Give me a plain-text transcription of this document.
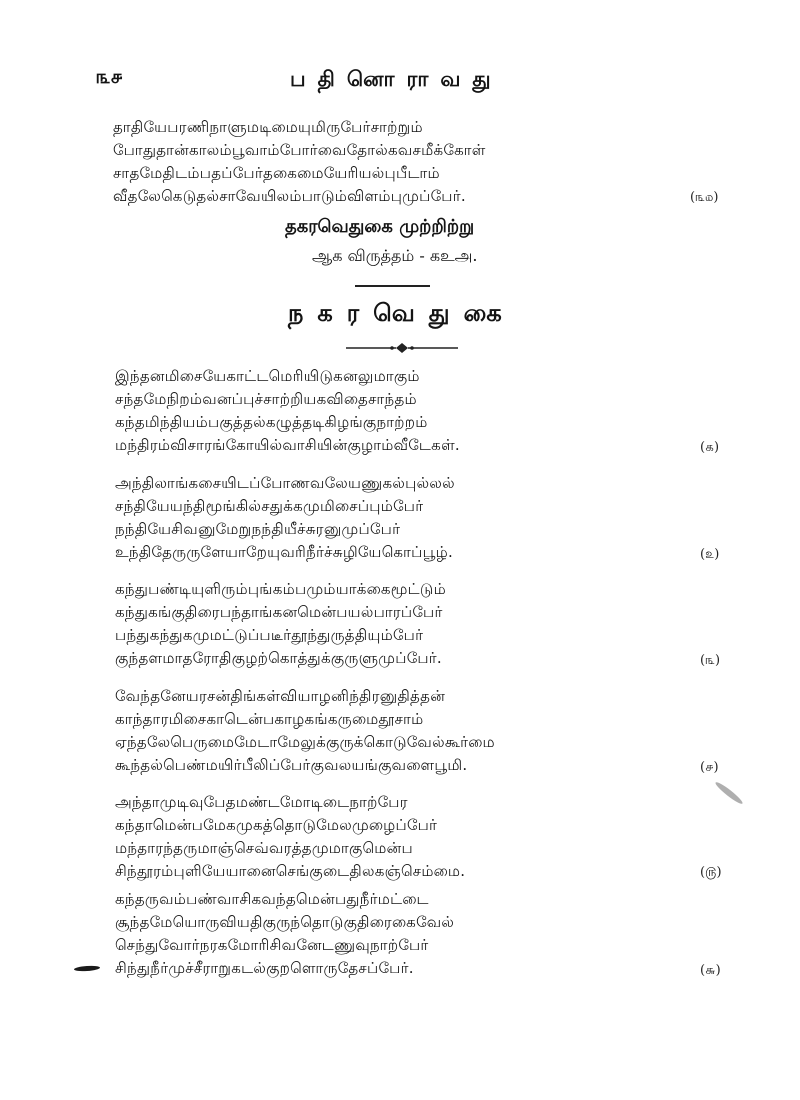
௩௪	பதினொராவது
தாதியேபரணிநாளுமடிமையுமிருபேர்சாற்றும்
போதுதான்காலம்பூவாம்போர்வைதோல்கவசமீக்கோள்
சாதமேதிடம்பதப்பேர்தகைமையேரியல்புபீடாம்
வீதலேகெடுதல்சாவேயிலம்பாடும்விளம்புமுப்பேர்.	(௩௰)
தகரவெதுகை முற்றிற்று
ஆக விருத்தம் - கஉஅ.
நகரவெதுகை
இந்தனமிசையேகாட்டமெரியிடுகனலுமாகும்
சந்தமேநிறம்வனப்புச்சாற்றியகவிதைசாந்தம்
கந்தமிந்தியம்பகுத்தல்கழுத்தடிகிழங்குநாற்றம்
மந்திரம்விசாரங்கோயில்வாசியின்குழாம்வீடேகள்.	(௧)
அந்திலாங்கசையிடப்போணவலேயணுகல்புல்லல்
சந்தியேயந்திமூங்கில்சதுக்கமுமிசைப்பும்பேர்
நந்தியேசிவனுமேறுநந்தியீச்சுரனுமுப்பேர்
உந்திதேருருளேயாறேயுவரிநீர்ச்சுழியேகொப்பூழ்.	(௨)
கந்துபண்டியுளிரும்புங்கம்பமும்யாக்கைமூட்டும்
கந்துகங்குதிரைபந்தாங்கனமென்பயல்பாரப்பேர்
பந்துகந்துகமுமட்டுப்படீர்தூந்துருத்தியும்பேர்
குந்தளமாதரோதிகுழற்கொத்துக்குருளுமுப்பேர்.	(௩)
வேந்தனேயரசன்திங்கள்வியாழனிந்திரனுதித்தன்
காந்தாரமிசைகாடென்பகாழகங்கருமைதூசாம்
ஏந்தலேபெருமைமேடாமேலுக்குருக்கொடுவேல்கூர்மை
கூந்தல்பெண்மயிர்பீலிப்பேர்குவலயங்குவளைபூமி.	(௪)
அந்தாமுடிவுபேதமண்டமோடிடைநாற்பேர
கந்தாமென்பமேகமுகத்தொடுமேலமுழைப்பேர்
மந்தாரந்தருமாஞ்செவ்வரத்தமுமாகுமென்ப
சிந்தூரம்புளியேயானைசெங்குடைதிலகஞ்செம்மை.	(௫)
கந்தருவம்பண்வாசிகவந்தமென்பதுநீர்மட்டை
சூந்தமேயொருவியதிகுருந்தொடுகுதிரைகைவேல்
செந்துவோர்நரகமோரிசிவனேடணுவுநாற்பேர்
சிந்துநீர்முச்சீராறுகடல்குறளொருதேசப்பேர்.	(௬)
